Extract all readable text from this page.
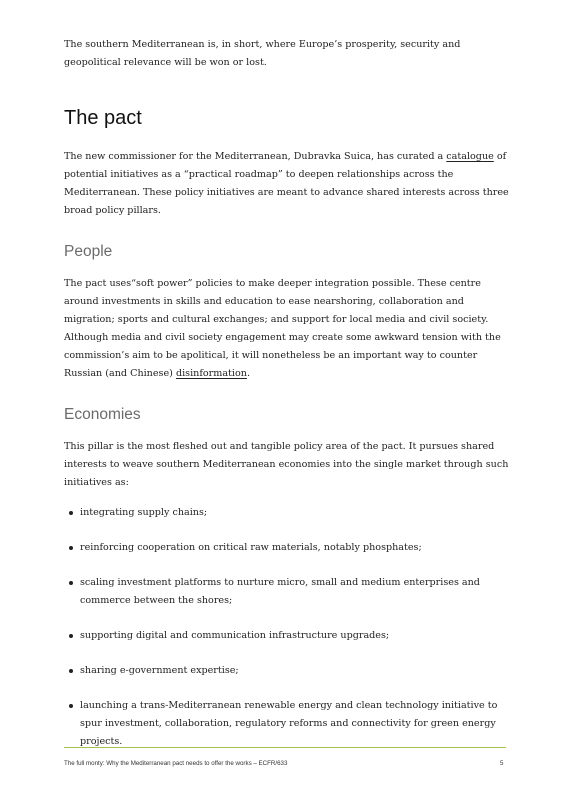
The southern Mediterranean is, in short, where Europe’s prosperity, security and geopolitical relevance will be won or lost.

The pact

The new commissioner for the Mediterranean, Dubravka Suica, has curated a catalogue of potential initiatives as a “practical roadmap” to deepen relationships across the Mediterranean. These policy initiatives are meant to advance shared interests across three broad policy pillars.

People

The pact uses“soft power” policies to make deeper integration possible. These centre around investments in skills and education to ease nearshoring, collaboration and migration; sports and cultural exchanges; and support for local media and civil society. Although media and civil society engagement may create some awkward tension with the commission’s aim to be apolitical, it will nonetheless be an important way to counter Russian (and Chinese) disinformation.

Economies

This pillar is the most fleshed out and tangible policy area of the pact. It pursues shared interests to weave southern Mediterranean economies into the single market through such initiatives as:

integrating supply chains;
reinforcing cooperation on critical raw materials, notably phosphates;
scaling investment platforms to nurture micro, small and medium enterprises and commerce between the shores;
supporting digital and communication infrastructure upgrades;
sharing e-government expertise;
launching a trans-Mediterranean renewable energy and clean technology initiative to spur investment, collaboration, regulatory reforms and connectivity for green energy projects.
The full monty: Why the Mediterranean pact needs to offer the works – ECFR/633	5
